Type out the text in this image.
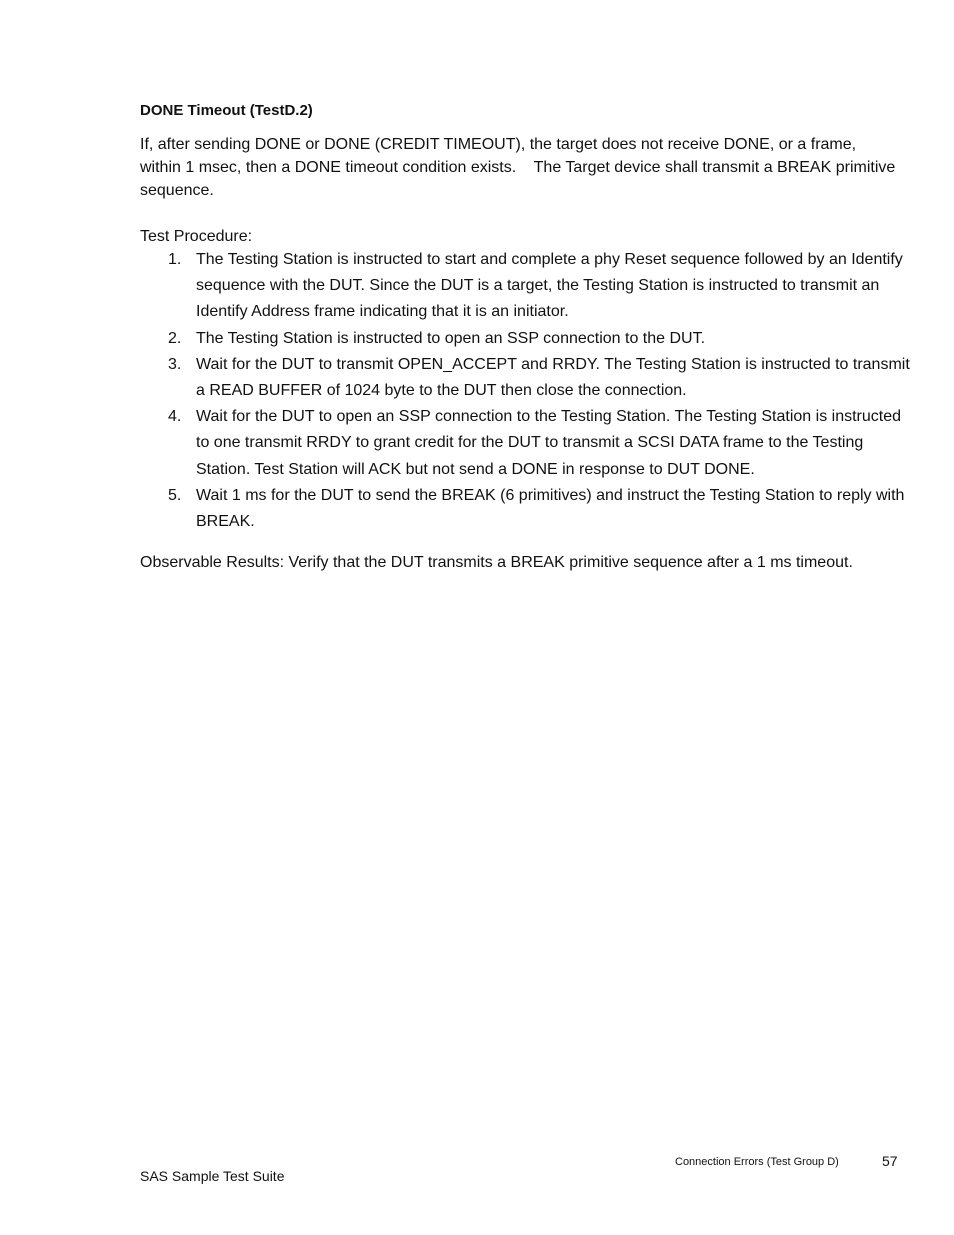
DONE Timeout (TestD.2)

If, after sending DONE or DONE (CREDIT TIMEOUT), the target does not receive DONE, or a frame, within 1 msec, then a DONE timeout condition exists.    The Target device shall transmit a BREAK primitive sequence.

Test Procedure:

1. The Testing Station is instructed to start and complete a phy Reset sequence followed by an Identify sequence with the DUT. Since the DUT is a target, the Testing Station is instructed to transmit an Identify Address frame indicating that it is an initiator.
2. The Testing Station is instructed to open an SSP connection to the DUT.
3. Wait for the DUT to transmit OPEN_ACCEPT and RRDY. The Testing Station is instructed to transmit a READ BUFFER of 1024 byte to the DUT then close the connection.
4. Wait for the DUT to open an SSP connection to the Testing Station. The Testing Station is instructed to one transmit RRDY to grant credit for the DUT to transmit a SCSI DATA frame to the Testing Station. Test Station will ACK but not send a DONE in response to DUT DONE.
5. Wait 1 ms for the DUT to send the BREAK (6 primitives) and instruct the Testing Station to reply with BREAK.

Observable Results: Verify that the DUT transmits a BREAK primitive sequence after a 1 ms timeout.

Connection Errors (Test Group D)	57
SAS Sample Test Suite
